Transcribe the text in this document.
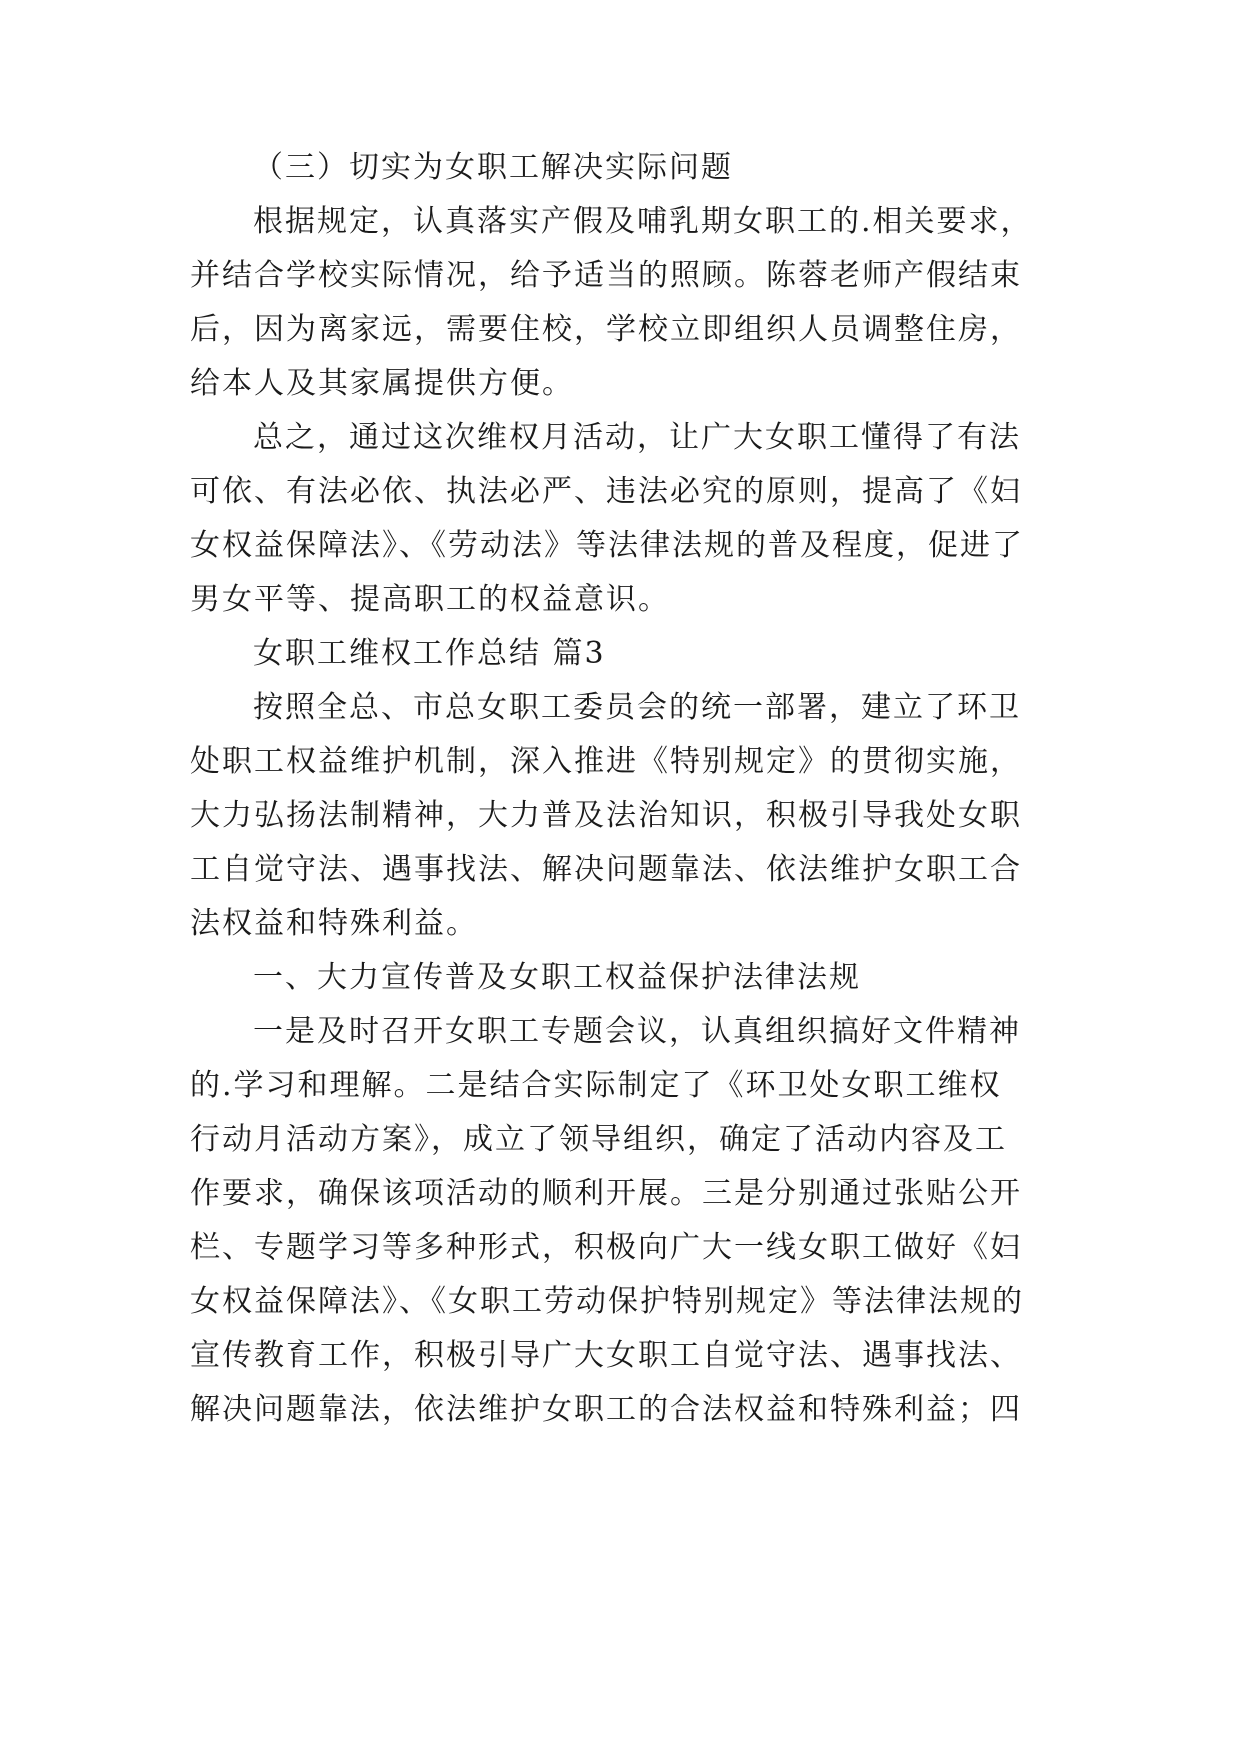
（三）切实为女职工解决实际问题
根据规定，认真落实产假及哺乳期女职工的.相关要求，
并结合学校实际情况，给予适当的照顾。陈蓉老师产假结束
后，因为离家远，需要住校，学校立即组织人员调整住房，
给本人及其家属提供方便。
总之，通过这次维权月活动，让广大女职工懂得了有法
可依、有法必依、执法必严、违法必究的原则，提高了《妇
女权益保障法》、《劳动法》等法律法规的普及程度，促进了
男女平等、提高职工的权益意识。
女职工维权工作总结 篇3
按照全总、市总女职工委员会的统一部署，建立了环卫
处职工权益维护机制，深入推进《特别规定》的贯彻实施，
大力弘扬法制精神，大力普及法治知识，积极引导我处女职
工自觉守法、遇事找法、解决问题靠法、依法维护女职工合
法权益和特殊利益。
一、大力宣传普及女职工权益保护法律法规
一是及时召开女职工专题会议，认真组织搞好文件精神
的.学习和理解。二是结合实际制定了《环卫处女职工维权
行动月活动方案》，成立了领导组织，确定了活动内容及工
作要求，确保该项活动的顺利开展。三是分别通过张贴公开
栏、专题学习等多种形式，积极向广大一线女职工做好《妇
女权益保障法》、《女职工劳动保护特别规定》等法律法规的
宣传教育工作，积极引导广大女职工自觉守法、遇事找法、
解决问题靠法，依法维护女职工的合法权益和特殊利益；四
